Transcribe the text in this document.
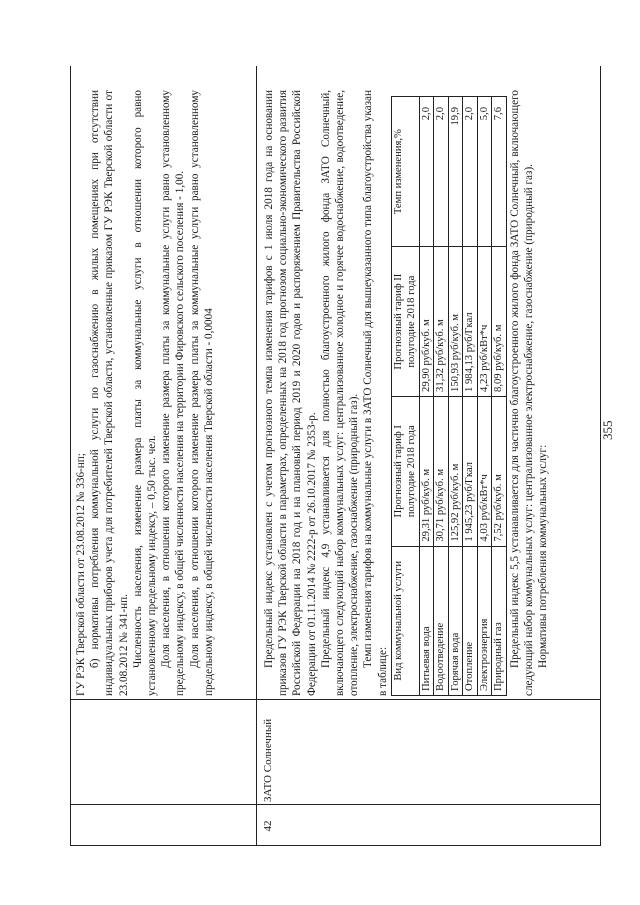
355

ГУ РЭК Тверской области от 23.08.2012 № 336-нп; б) нормативы потребления коммунальной услуги по газоснабжению в жилых помещениях при отсутствии индивидуальных приборов учета для потребителей Тверской области, установленные приказом ГУ РЭК Тверской области от 23.08.2012 № 341-нп. Численность населения, изменение размера платы за коммунальные услуги в отношении которого равно установленному предельному индексу, – 0,50 тыс. чел. Доля населения, в отношении которого изменение размера платы за коммунальные услуги равно установленному предельному индексу, в общей численности населения на территории Фировского сельского поселения - 1,00. Доля населения, в отношении которого изменение размера платы за коммунальные услуги равно установленному предельному индексу, в общей численности населения Тверской области - 0,0004

42
ЗАТО Солнечный

Предельный индекс установлен с учетом прогнозного темпа изменения тарифов с 1 июля 2018 года на основании приказов ГУ РЭК Тверской области в параметрах, определенных на 2018 год прогнозом социально-экономического развития Российской Федерации на 2018 год и на плановый период 2019 и 2020 годов и распоряжением Правительства Российской Федерации от 01.11.2014 № 2222-р от 26.10.2017 № 2353-р. Предельный индекс 4,9 устанавливается для полностью благоустроенного жилого фонда ЗАТО Солнечный, включающего следующий набор коммунальных услуг: централизованное холодное и горячее водоснабжение, водоотведение, отопление, электроснабжение, газоснабжение (природный газ). Темп изменения тарифов на коммунальные услуги в ЗАТО Солнечный для вышеуказанного типа благоустройства указан в таблице: Вид коммунальной услуги	Прогнозный тариф I полугодие 2018 года	Прогнозный тариф II полугодие 2018 года	Темп изменения,%
Питьевая вода	29,31 руб/куб. м	29,90 руб/куб. м	2,0
Водоотведение	30,71 руб/куб. м	31,32 руб/куб. м	2,0
Горячая вода	125,92 руб/куб. м	150,93 руб/куб. м	19,9
Отопление	1 945,23 руб/Гкал	1 984,13 руб/Гкал	2,0
Электроэнергия	4,03 руб/кВт*ч	4,23 руб/кВт*ч	5,0
Природный газ	7,52 руб/куб. м	8,09 руб/куб. м	7,6 Предельный индекс 5,5 устанавливается для частично благоустроенного жилого фонда ЗАТО Солнечный, включающего следующий набор коммунальных услуг: централизованное электроснабжение, газоснабжение (природный газ). Нормативы потребления коммунальных услуг:
